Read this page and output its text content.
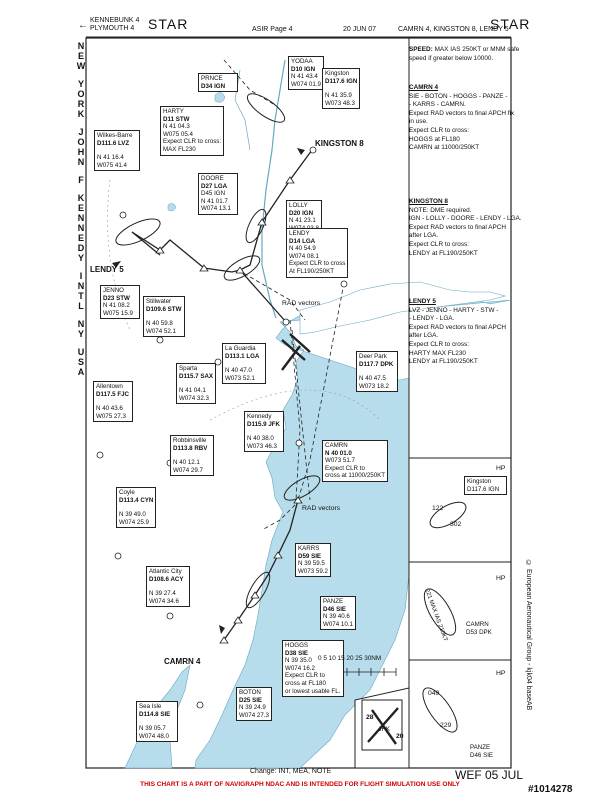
KENNEBUNK 4
PLYMOUTH 4
←	STAR	ASIR Page 4	20 JUN 07	CAMRN 4, KINGSTON 8, LENDY 5
STAR
N
E
W
Y
O
R
K
J
O
H
N
F
K
E
N
N
E
D
Y
I
N
T
L
N
Y
U
S
A
SPEED: MAX IAS 250KT or MNM safe
speed if greater below 10000.
CAMRN 4
SIE - BOTON - HOGGS - PANZE -
- KARRS - CAMRN.
Expect RAD vectors to final APCH fix
in use.
Expect CLR to cross:
HOGGS at FL180
CAMRN at 11000/250KT
KINGSTON 8
NOTE: DME required.
IGN - LOLLY - DOORE - LENDY - LGA.
Expect RAD vectors to final APCH
after LGA.
Expect CLR to cross:
LENDY at FL190/250KT
LENDY 5
LVZ - JENNO - HARTY - STW -
- LENDY - LGA.
Expect RAD vectors to final APCH
after LGA.
Expect CLR to cross:
HARTY MAX FL230
LENDY at FL190/250KT
HP
Kingston
D117.6 IGN
122
302
HP
221 MAX IAS 210KT	CAMRN
D53 DPK
HP
049
229
PANZE
D46 SIE
© European Aeronautical Group - kjk04 baseAB
YODAA
D10 IGN
N 41 43.4
W074 01.9
PRNCE
D34 IGN
Kingston
D117.6 IGN
N 41 35.9
W073 48.3
HARTY
D11 STW
N 41 04.3
W075 05.4
Expect CLR to cross:
MAX FL230
Wilkes-Barre
D111.6 LVZ
N 41 16.4
W075 41.4
DOORE
D27 LGA
D45 IGN
N 41 01.7
W074 13.1	LOLLY
D20 IGN
N 41 23.1
LENDY
D14 LGA
N 40 54.9
W074 08.1
Expect CLR to cross
At FL190/250KT
JENNO
D23 STW
N 41 08.2
W075 15.9
Stillwater
D109.6 STW
N 40 59.8
W074 52.1
La Guardia
D113.1 LGA
N 40 47.0
W073 52.1
Sparta
D115.7 SAX
N 41 04.1
W074 32.3
Deer Park
D117.7 DPK
N 40 47.5
W073 18.2
Allentown
D117.5 FJC
N 40 43.6
W075 27.3	Kennedy
D115.9 JFK
N 40 38.0
W073 46.3
Robbinsville
D113.8 RBV
N 40 12.1
W074 29.7
CAMRN
N 40 01.0
W073 51.7
Expect CLR to
cross at 11000/250KT
Coyle
D113.4 CYN
N 39 49.0
W074 25.9
KARRS
D59 SIE
N 39 59.5
W073 59.2
Atlantic City
D108.6 ACY
N 39 27.4
W074 34.6	PANZE
D46 SIE
N 39 40.6
W074 10.1
HOGGS
D38 SIE
N 39 35.0
W074 16.2
Expect CLR to
cross at FL180
or lowest usable FL.
Sea Isle
D114.8 SIE
N 39 05.7
W074 48.0
BOTON
D25 SIE
N 39 24.9
W074 27.3
KINGSTON 8
LENDY 5
CAMRN 4
RAD vectors
RAD vectors
0 5 10 15 20 25 30NM
28
JFK
20
Change: INT, MEA, NOTE	WEF 05 JUL
THIS CHART IS A PART OF NAVIGRAPH NDAC AND IS INTENDED FOR FLIGHT SIMULATION USE ONLY	#1014278
